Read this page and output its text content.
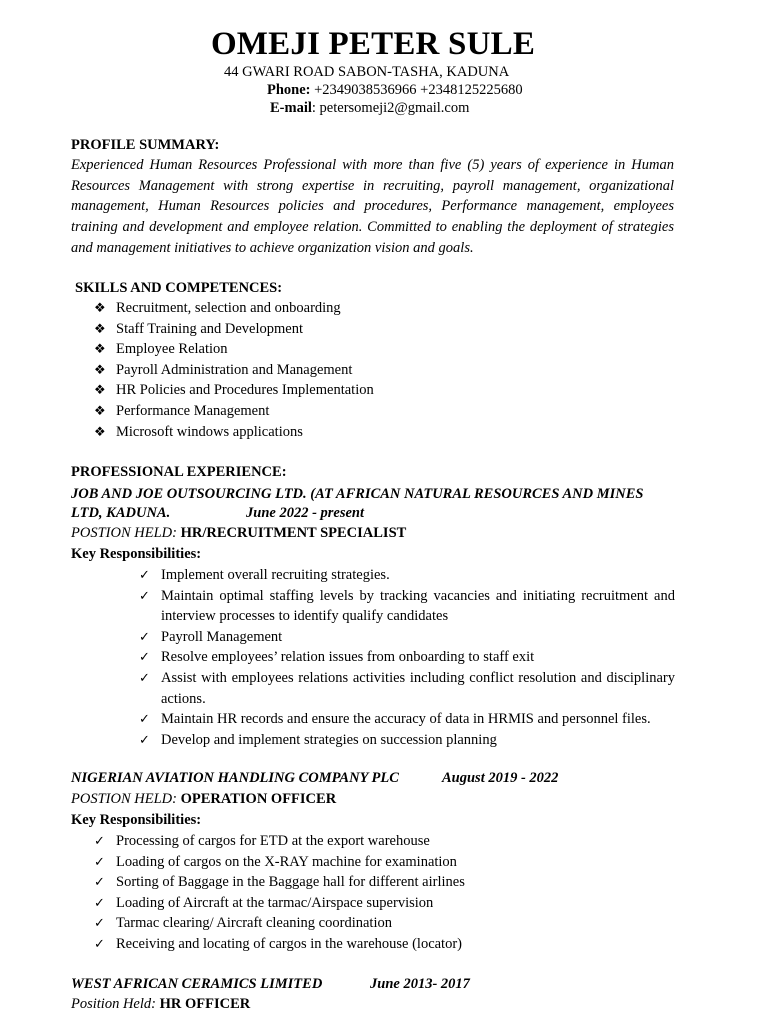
OMEJI PETER SULE
44 GWARI ROAD SABON-TASHA, KADUNA
Phone: +2349038536966 +2348125225680
E-mail: petersomeji2@gmail.com
PROFILE SUMMARY:
Experienced Human Resources Professional with more than five (5) years of experience in Human Resources Management with strong expertise in recruiting, payroll management, organizational management, Human Resources policies and procedures, Performance management, employees training and development and employee relation. Committed to enabling the deployment of strategies and management initiatives to achieve organization vision and goals.
SKILLS AND COMPETENCES:
❖ Recruitment, selection and onboarding
❖ Staff Training and Development
❖ Employee Relation
❖ Payroll Administration and Management
❖ HR Policies and Procedures Implementation
❖ Performance Management
❖ Microsoft windows applications
PROFESSIONAL EXPERIENCE:
JOB AND JOE OUTSOURCING LTD. (AT AFRICAN NATURAL RESOURCES AND MINES
LTD, KADUNA.	June 2022 - present
POSTION HELD: HR/RECRUITMENT SPECIALIST
Key Responsibilities:
✓ Implement overall recruiting strategies.
✓ Maintain optimal staffing levels by tracking vacancies and initiating recruitment and interview processes to identify qualify candidates
✓ Payroll Management
✓ Resolve employees’ relation issues from onboarding to staff exit
✓ Assist with employees relations activities including conflict resolution and disciplinary actions.
✓ Maintain HR records and ensure the accuracy of data in HRMIS and personnel files.
✓ Develop and implement strategies on succession planning
NIGERIAN AVIATION HANDLING COMPANY PLC	August 2019 - 2022
POSTION HELD: OPERATION OFFICER
Key Responsibilities:
✓ Processing of cargos for ETD at the export warehouse
✓ Loading of cargos on the X-RAY machine for examination
✓ Sorting of Baggage in the Baggage hall for different airlines
✓ Loading of Aircraft at the tarmac/Airspace supervision
✓ Tarmac clearing/ Aircraft cleaning coordination
✓ Receiving and locating of cargos in the warehouse (locator)
WEST AFRICAN CERAMICS LIMITED	June 2013- 2017
Position Held: HR OFFICER
